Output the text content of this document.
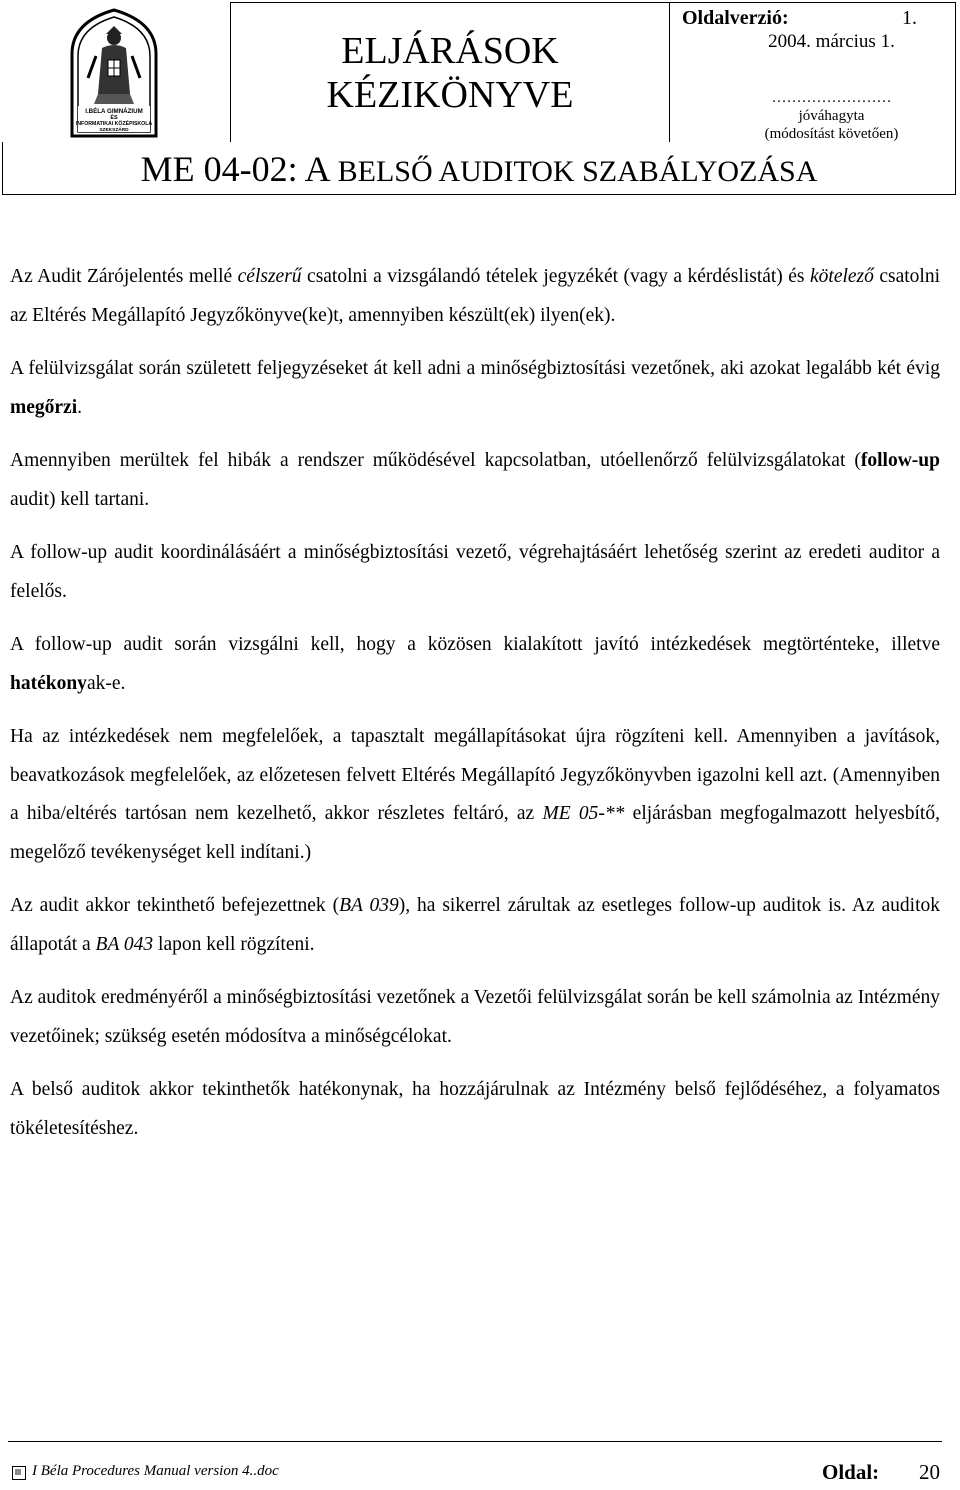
I.BÉLA GIMNÁZIUM
ÉS
INFORMATIKAI KÖZÉPISKOLA
SZEKSZÁRD
ELJÁRÁSOK
KÉZIKÖNYVE
Oldalverzió:	1.
2004. március 1.
……………………
jóváhagyta
(módosítást követően)
ME 04-02: A BELSŐ AUDITOK SZABÁLYOZÁSA

Az Audit Zárójelentés mellé célszerű csatolni a vizsgálandó tételek jegyzékét (vagy a kérdéslistát) és kötelező csatolni az Eltérés Megállapító Jegyzőkönyve(ke)t, amennyiben készült(ek) ilyen(ek).

A felülvizsgálat során született feljegyzéseket át kell adni a minőségbiztosítási vezetőnek, aki azokat legalább két évig megőrzi.

Amennyiben merültek fel hibák a rendszer működésével kapcsolatban, utóellenőrző felülvizsgálatokat (follow-up audit) kell tartani.

A follow-up audit koordinálásáért a minőségbiztosítási vezető, végrehajtásáért lehetőség szerint az eredeti auditor a felelős.

A follow-up audit során vizsgálni kell, hogy a közösen kialakított javító intézkedések megtörténteke, illetve hatékonyak-e.

Ha az intézkedések nem megfelelőek, a tapasztalt megállapításokat újra rögzíteni kell. Amennyiben a javítások, beavatkozások megfelelőek, az előzetesen felvett Eltérés Megállapító Jegyzőkönyvben igazolni kell azt. (Amennyiben a hiba/eltérés tartósan nem kezelhető, akkor részletes feltáró, az ME 05-** eljárásban megfogalmazott helyesbítő, megelőző tevékenységet kell indítani.)

Az audit akkor tekinthető befejezettnek (BA 039), ha sikerrel zárultak az esetleges follow-up auditok is. Az auditok állapotát a BA 043 lapon kell rögzíteni.

Az auditok eredményéről a minőségbiztosítási vezetőnek a Vezetői felülvizsgálat során be kell számolnia az Intézmény vezetőinek; szükség esetén módosítva a minőségcélokat.

A belső auditok akkor tekinthetők hatékonynak, ha hozzájárulnak az Intézmény belső fejlődéséhez, a folyamatos tökéletesítéshez.

I Béla Procedures Manual version 4..doc	Oldal: 20
